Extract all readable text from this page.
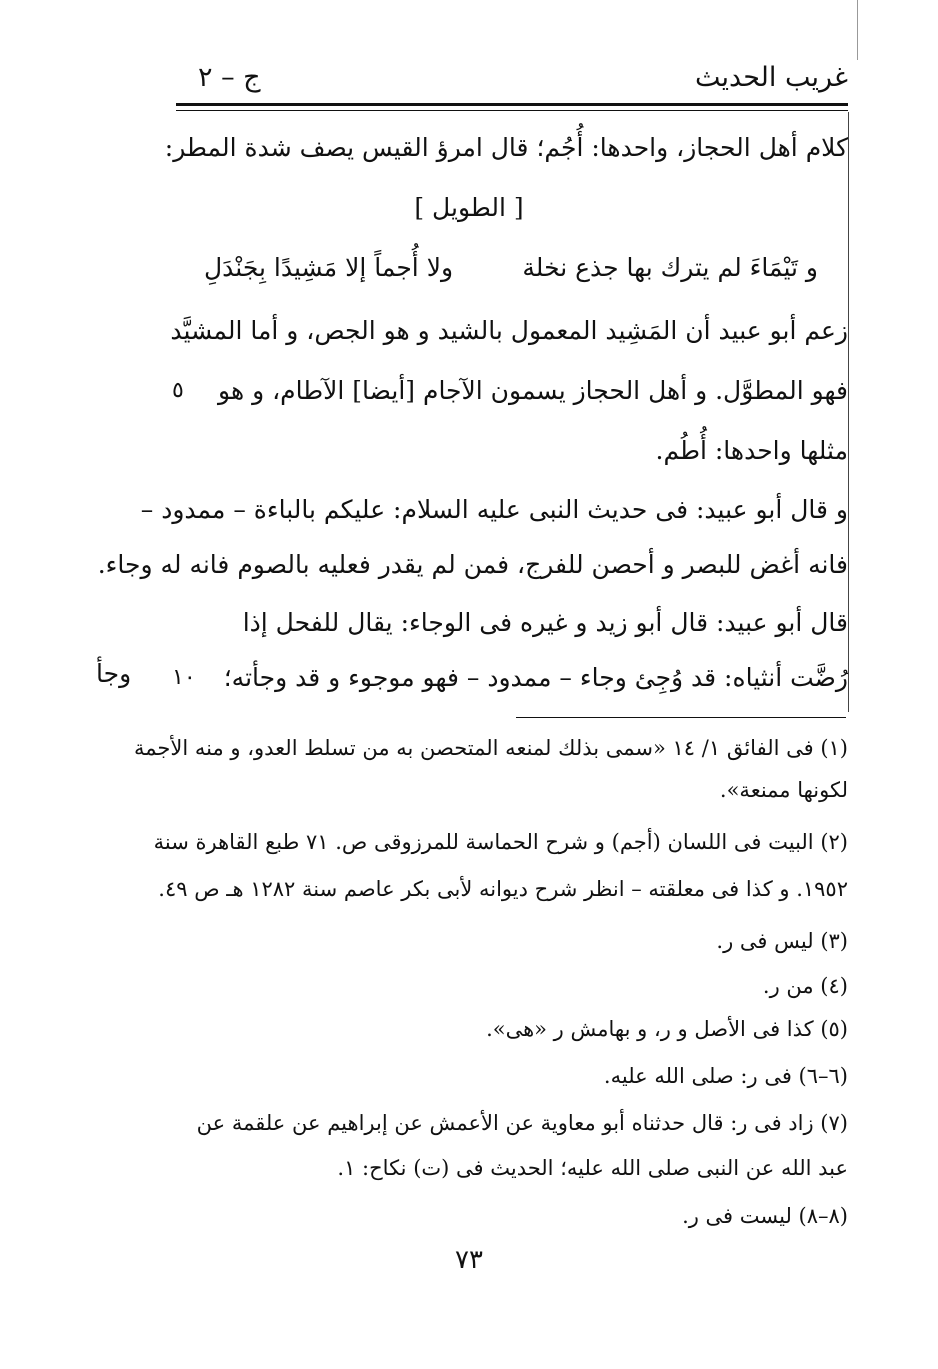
غريب الحديث
ج – ٢
كلام أهل الحجاز، واحدها: أُجُم؛ قال امرؤ القيس يصف شدة المطر:
[ الطويل ]
و تَيْمَاءَ لم يترك بها جذع نخلة
ولا أُجماً إلا مَشِيدًا بِجَنْدَلِ
زعم أبو عبيد أن المَشِيد المعمول بالشيد و هو الجص، و أما المشيَّد
فهو المطوَّل. و أهل الحجاز يسمون الآجام [أيضا] الآطام، و هو
٥
مثلها واحدها: أُطُم.
و قال أبو عبيد: فى حديث النبى عليه السلام: عليكم بالباءة – ممدود –
فانه أغض للبصر و أحصن للفرج، فمن لم يقدر فعليه بالصوم فانه له وجاء.
قال أبو عبيد: قال أبو زيد و غيره فى الوجاء: يقال للفحل إذا
رُضَّت أنثياه: قد وُجِئ وجاء – ممدود – فهو موجوء و قد وجأته؛
١٠
وجأ
(١) فى الفائق ١/ ١٤ «سمى بذلك لمنعه المتحصن به من تسلط العدو، و منه الأجمة
لكونها ممنعة».
(٢) البيت فى اللسان (أجم) و شرح الحماسة للمرزوقى ص. ٧١ طبع القاهرة سنة
١٩٥٢. و كذا فى معلقته – انظر شرح ديوانه لأبى بكر عاصم سنة ١٢٨٢ هـ ص ٤٩.
(٣) ليس فى ر.
(٤) من ر.
(٥) كذا فى الأصل و ر، و بهامش ر «هى».
(٦–٦) فى ر: صلى الله عليه.
(٧) زاد فى ر: قال حدثناه أبو معاوية عن الأعمش عن إبراهيم عن علقمة عن
عبد الله عن النبى صلى الله عليه؛ الحديث فى (ت) نكاح: ١.
(٨–٨) ليست فى ر.
٧٣
